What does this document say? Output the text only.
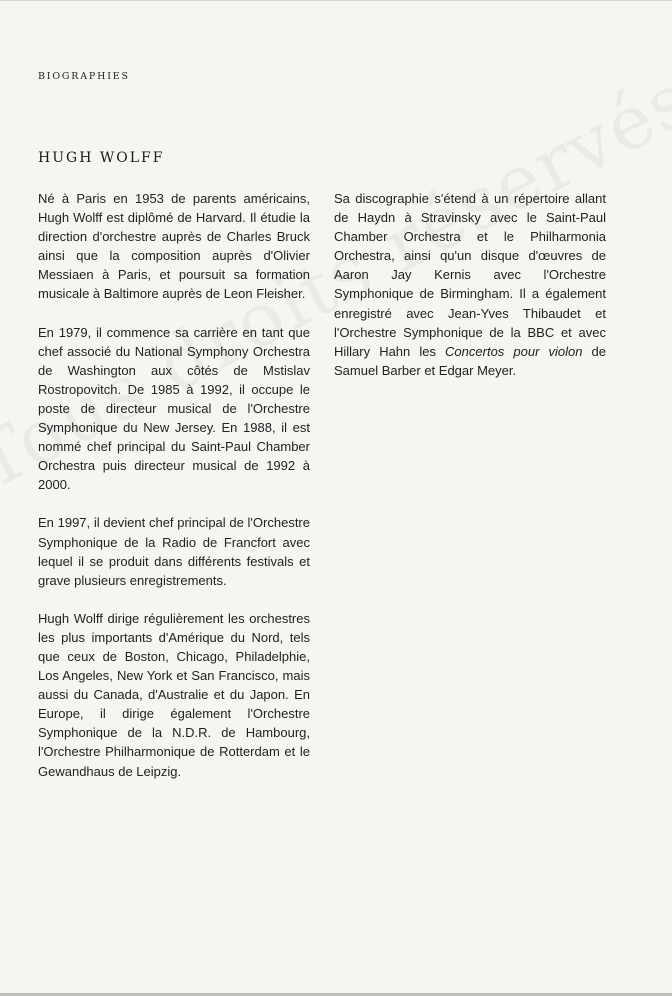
BIOGRAPHIES
HUGH WOLFF

Né à Paris en 1953 de parents américains, Hugh Wolff est diplômé de Harvard. Il étudie la direction d'orchestre auprès de Charles Bruck ainsi que la composition auprès d'Olivier Messiaen à Paris, et poursuit sa formation musicale à Baltimore auprès de Leon Fleisher.

En 1979, il commence sa carrière en tant que chef associé du National Symphony Orchestra de Washington aux côtés de Mstislav Rostropovitch. De 1985 à 1992, il occupe le poste de directeur musical de l'Orchestre Symphonique du New Jersey. En 1988, il est nommé chef principal du Saint-Paul Chamber Orchestra puis directeur musical de 1992 à 2000.

En 1997, il devient chef principal de l'Orchestre Symphonique de la Radio de Francfort avec lequel il se produit dans différents festivals et grave plusieurs enregistrements.

Hugh Wolff dirige régulièrement les orchestres les plus importants d'Amérique du Nord, tels que ceux de Boston, Chicago, Philadelphie, Los Angeles, New York et San Francisco, mais aussi du Canada, d'Australie et du Japon. En Europe, il dirige également l'Orchestre Symphonique de la N.D.R. de Hambourg, l'Orchestre Philharmonique de Rotterdam et le Gewandhaus de Leipzig.

Sa discographie s'étend à un répertoire allant de Haydn à Stravinsky avec le Saint-Paul Chamber Orchestra et le Philharmonia Orchestra, ainsi qu'un disque d'œuvres de Aaron Jay Kernis avec l'Orchestre Symphonique de Birmingham. Il a également enregistré avec Jean-Yves Thibaudet et l'Orchestre Symphonique de la BBC et avec Hillary Hahn les Concertos pour violon de Samuel Barber et Edgar Meyer.
